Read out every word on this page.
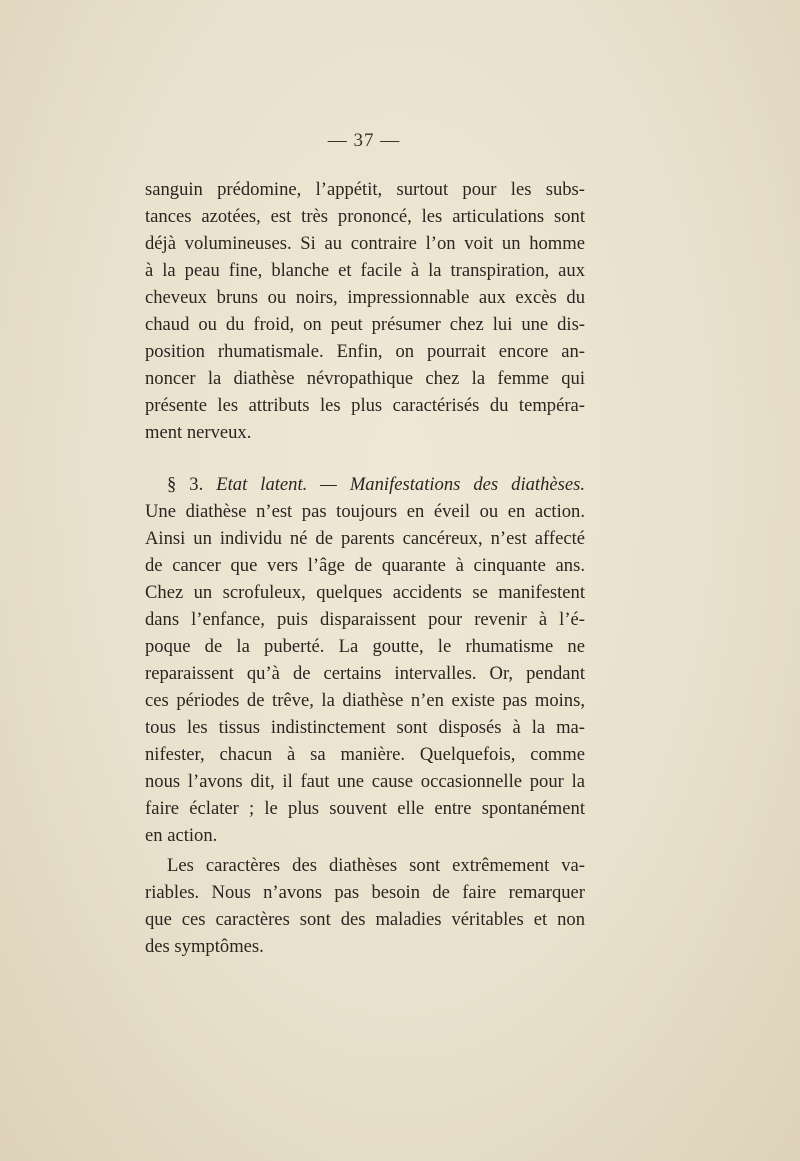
— 37 —
sanguin prédomine, l’appétit, surtout pour les subs-
tances azotées, est très prononcé, les articulations sont
déjà volumineuses. Si au contraire l’on voit un homme
à la peau fine, blanche et facile à la transpiration, aux
cheveux bruns ou noirs, impressionnable aux excès du
chaud ou du froid, on peut présumer chez lui une dis-
position rhumatismale. Enfin, on pourrait encore an-
noncer la diathèse névropathique chez la femme qui
présente les attributs les plus caractérisés du tempéra-
ment nerveux.
§ 3. Etat latent. — Manifestations des diathèses.
Une diathèse n’est pas toujours en éveil ou en action.
Ainsi un individu né de parents cancéreux, n’est affecté
de cancer que vers l’âge de quarante à cinquante ans.
Chez un scrofuleux, quelques accidents se manifestent
dans l’enfance, puis disparaissent pour revenir à l’é-
poque de la puberté. La goutte, le rhumatisme ne
reparaissent qu’à de certains intervalles. Or, pendant
ces périodes de trêve, la diathèse n’en existe pas moins,
tous les tissus indistinctement sont disposés à la ma-
nifester, chacun à sa manière. Quelquefois, comme
nous l’avons dit, il faut une cause occasionnelle pour la
faire éclater ; le plus souvent elle entre spontanément
en action.
Les caractères des diathèses sont extrêmement va-
riables. Nous n’avons pas besoin de faire remarquer
que ces caractères sont des maladies véritables et non
des symptômes.
